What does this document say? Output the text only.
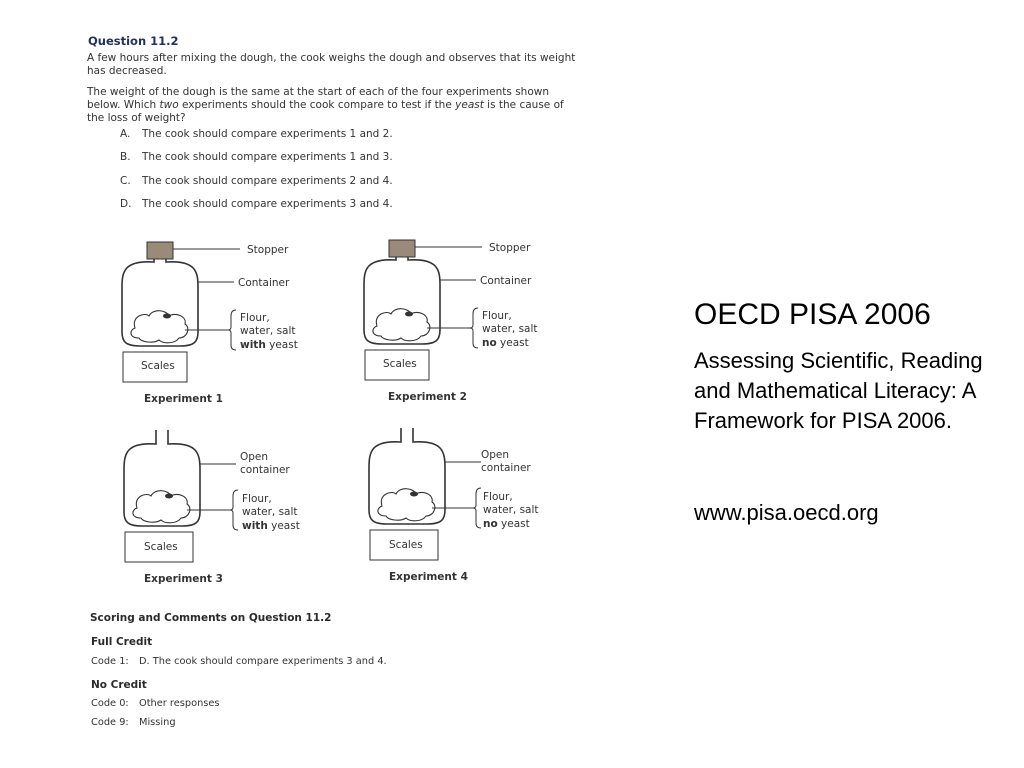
Question 11.2
A few hours after mixing the dough, the cook weighs the dough and observes that its weight has decreased.
The weight of the dough is the same at the start of each of the four experiments shown below. Which two experiments should the cook compare to test if the yeast is the cause of the loss of weight?
A. The cook should compare experiments 1 and 2.
B. The cook should compare experiments 1 and 3.
C. The cook should compare experiments 2 and 4.
D. The cook should compare experiments 3 and 4.
Scales
Stopper
Container
Flour,
water, salt
with yeast
Experiment 1
Scales
Stopper
Container
Flour,
water, salt
no yeast
Experiment 2
Scales
Open
container
Flour,
water, salt
with yeast
Experiment 3
Scales
Open
container
Flour,
water, salt
no yeast
Experiment 4
Scoring and Comments on Question 11.2
Full Credit
Code 1: D. The cook should compare experiments 3 and 4.
No Credit
Code 0: Other responses
Code 9: Missing
OECD PISA 2006

Assessing Scientific, Reading and Mathematical Literacy: A Framework for PISA 2006.

www.pisa.oecd.org
